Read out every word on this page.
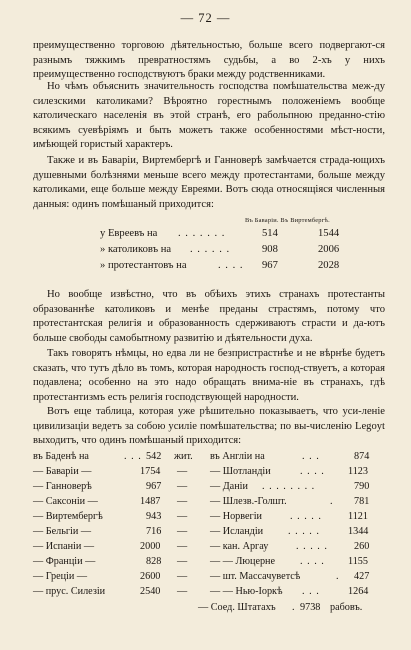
— 72 —

преимущественно торговою дѣятельностью, больше всего подвергают-ся разнымъ тяжкимъ превратностямъ судьбы, а во 2-хъ у нихъ преимущественно господствуютъ браки между родственниками.

Но чѣмъ объяснить значительность господства помѣшательства меж-ду силезскими католиками? Вѣроятно горестнымъ положеніемъ вообще католическаго населенія въ этой странѣ, его рабольпною преданно-стію всякимъ суевѣріямъ и быть можетъ также особенностями мѣст-ности, имѣющей гористый характеръ.

Также и въ Баваріи, Виртембергѣ и Ганноверѣ замѣчается страда-ющихъ душевными болѣзнями меньше всего между протестантами, больше между католиками, еще больше между Евреями. Вотъ сюда относящіяся численныя данныя: одинъ помѣшаный приходится:

Въ Баваріи. Въ Виртембергѣ.
у Евреевъ на . . . . . . .	514	1544
» католиковъ на . . . . . .	908	2006
» протестантовъ на	. . . . 967	2028

Но вообще извѣстно, что въ обѣихъ этихъ странахъ протестанты образованнѣе католиковъ и менѣе преданы страстямъ, потому что протестантская религія и образованность сдерживаютъ страсти и да-ютъ больше свободы самобытному развитію и дѣятельности духа.

Такъ говорятъ нѣмцы, но едва ли не безпристрастнѣе и не вѣрнѣе будетъ сказать, что тутъ дѣло въ томъ, которая народность господ-ствуетъ, а которая подавлена; особенно на это надо обращать внима-ніе въ странахъ, гдѣ протестантизмъ есть религія господствующей народности.

Вотъ еще таблица, которая уже рѣшительно показываетъ, что уси-леніе цивилизаціи ведетъ за собою усиліе помѣшательства; по вы-численію Legoyt выходитъ, что одинъ помѣшаный приходится:

въ Баденѣ на	. . . 542 жит. въ Англіи на	. . .	874
— Баваріи —	1754 — — Шотландіи	. . . . 1123
— Ганноверѣ	967 — — Даніи . . . . . . . .	790
— Саксоніи —	1487 — — Шлезв.-Голшт.	. 781
— Виртембергѣ	943 — — Норвегіи	. . . . .	1121
— Бельгіи —	716 — — Исландіи . . . . .	1344
— Испаніи —	2000 — — кан. Аргау	. . . . .	260
— Франціи —	828 — — — Люцерне . . . . 1155
— Греціи —	2600 — — шт. Массачуветсѣ	. 427
— прус. Силезіи	2540 — — — Нью-Іоркѣ . . .	1264
— Соед. Штатахъ . 9738 рабовъ.
